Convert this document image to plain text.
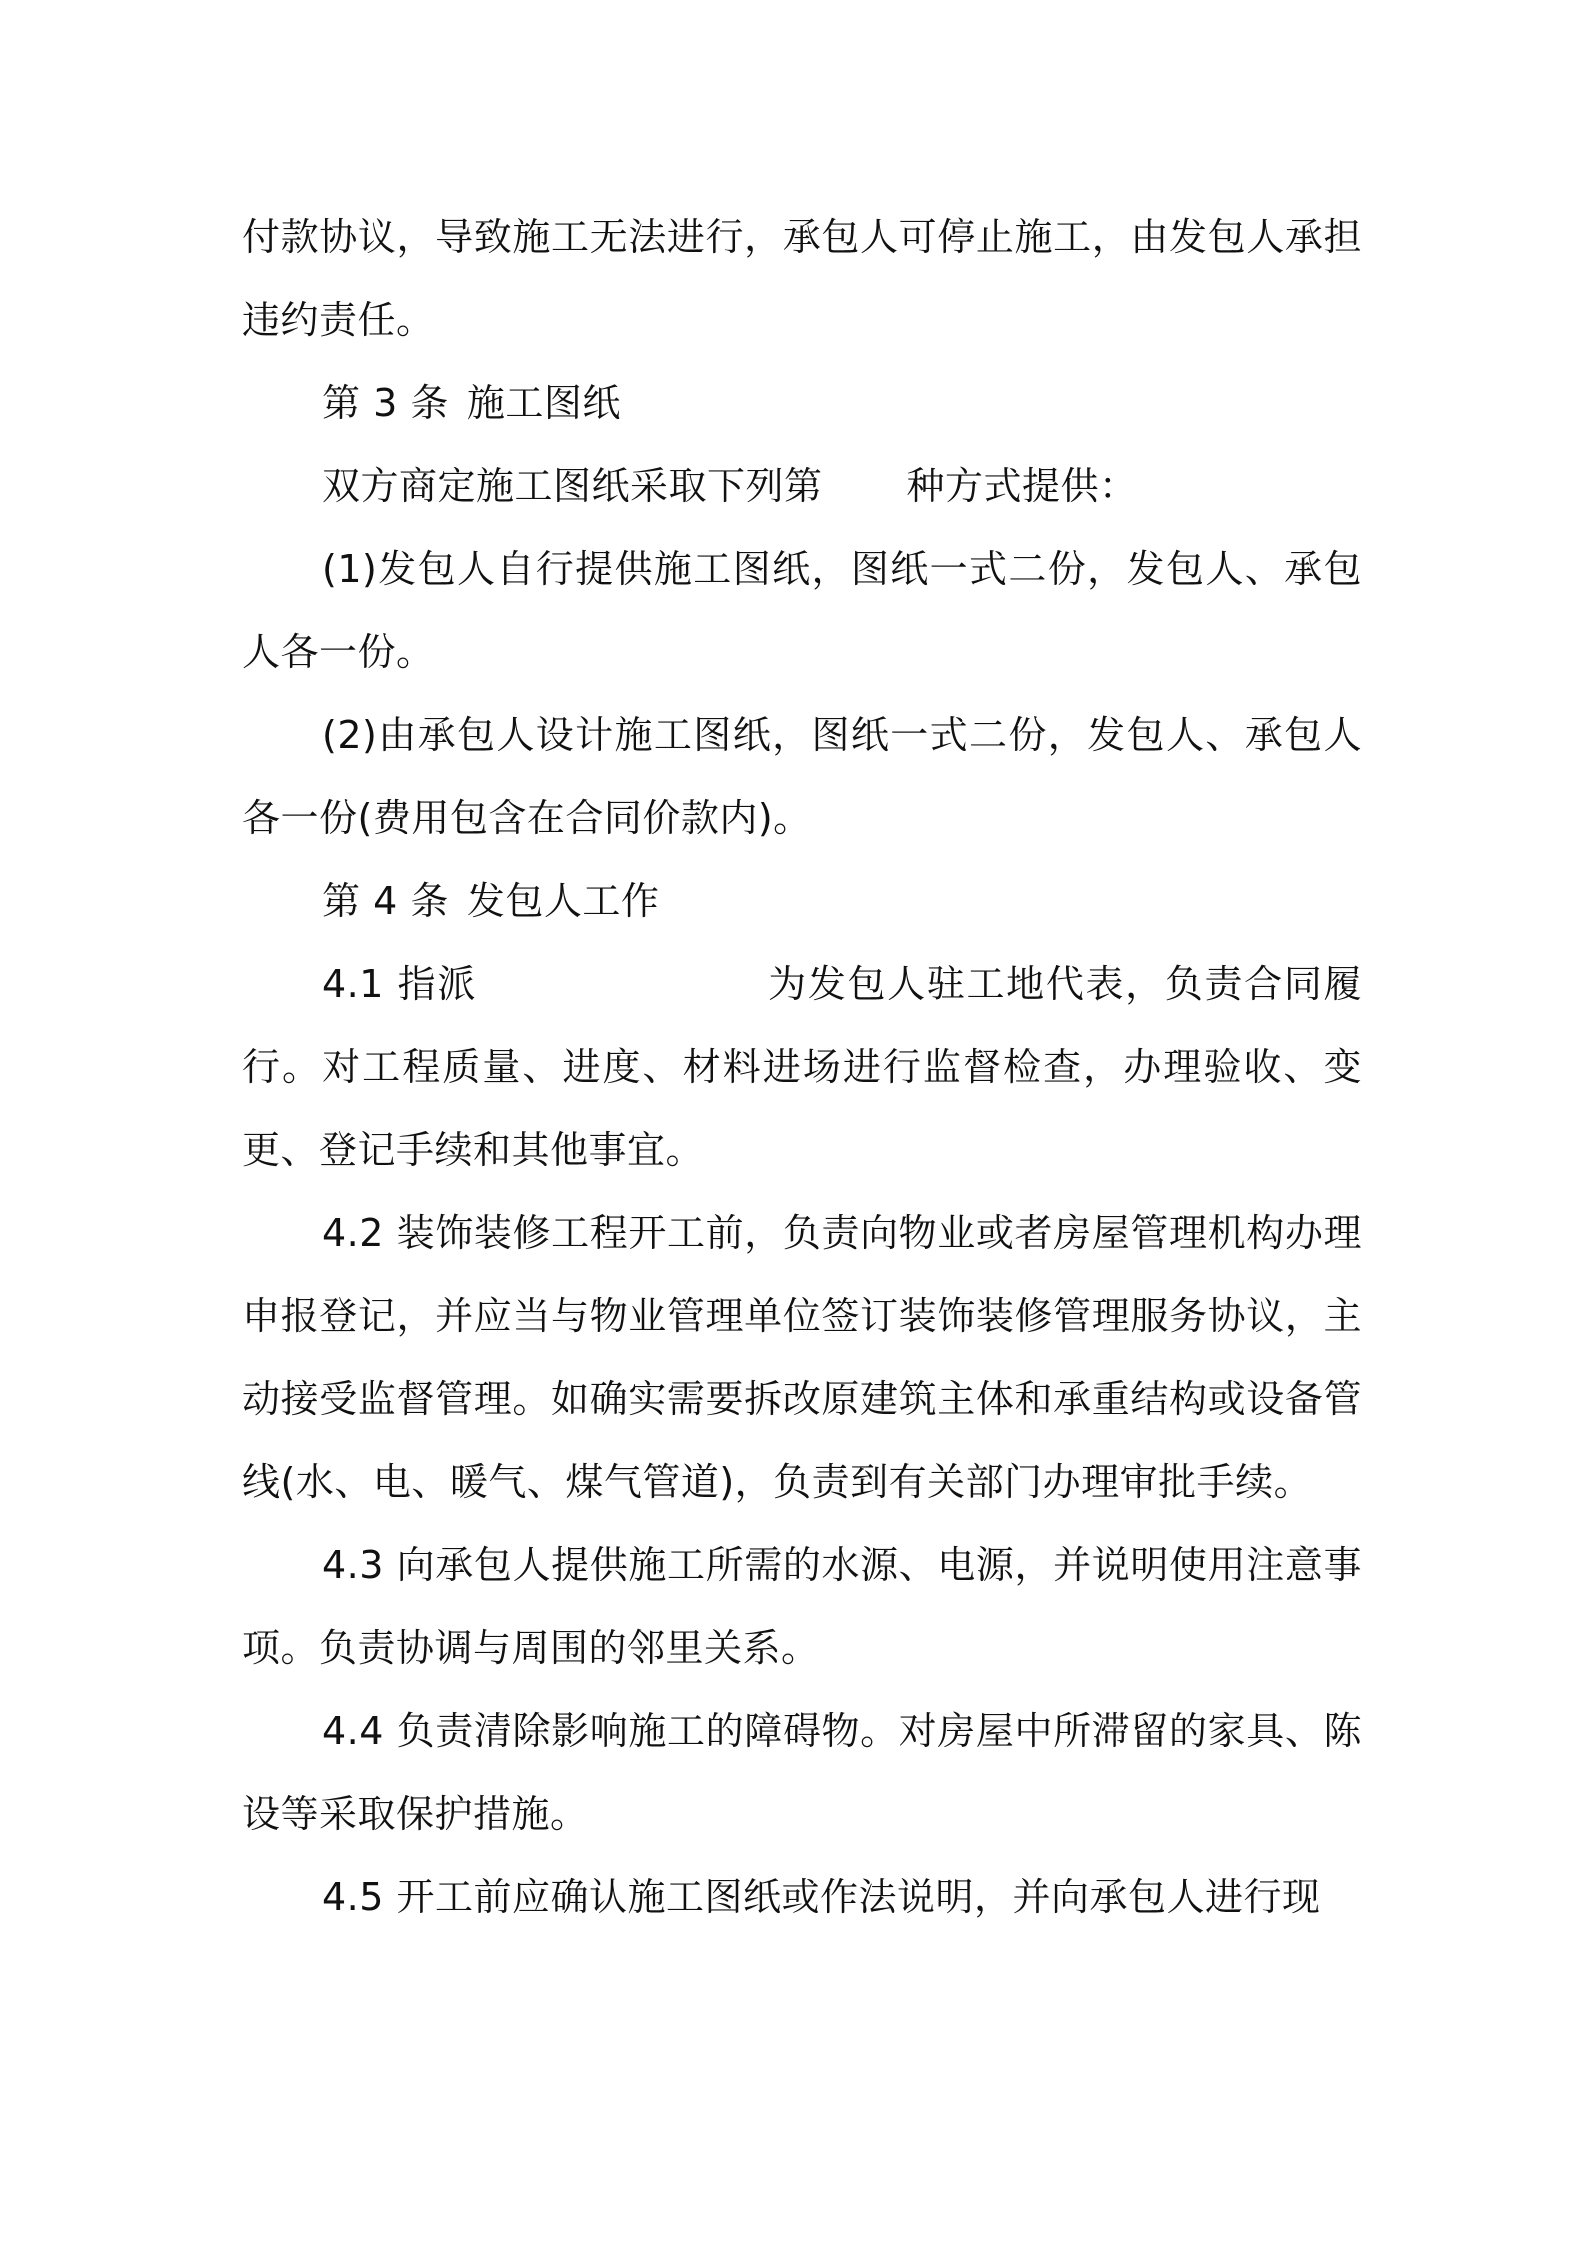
付款协议，导致施工无法进行，承包人可停止施工，由发包人承担违约责任。

第 3 条 施工图纸

双方商定施工图纸采取下列第 种方式提供：

(1)发包人自行提供施工图纸，图纸一式二份，发包人、承包人各一份。

(2)由承包人设计施工图纸，图纸一式二份，发包人、承包人各一份(费用包含在合同价款内)。

第 4 条 发包人工作

4.1 指派	为发包人驻工地代表，负责合同履行。对工程质量、进度、材料进场进行监督检查，办理验收、变更、登记手续和其他事宜。

4.2 装饰装修工程开工前，负责向物业或者房屋管理机构办理申报登记，并应当与物业管理单位签订装饰装修管理服务协议，主动接受监督管理。如确实需要拆改原建筑主体和承重结构或设备管线(水、电、暖气、煤气管道)，负责到有关部门办理审批手续。

4.3 向承包人提供施工所需的水源、电源，并说明使用注意事项。负责协调与周围的邻里关系。

4.4 负责清除影响施工的障碍物。对房屋中所滞留的家具、陈设等采取保护措施。

4.5 开工前应确认施工图纸或作法说明，并向承包人进行现
